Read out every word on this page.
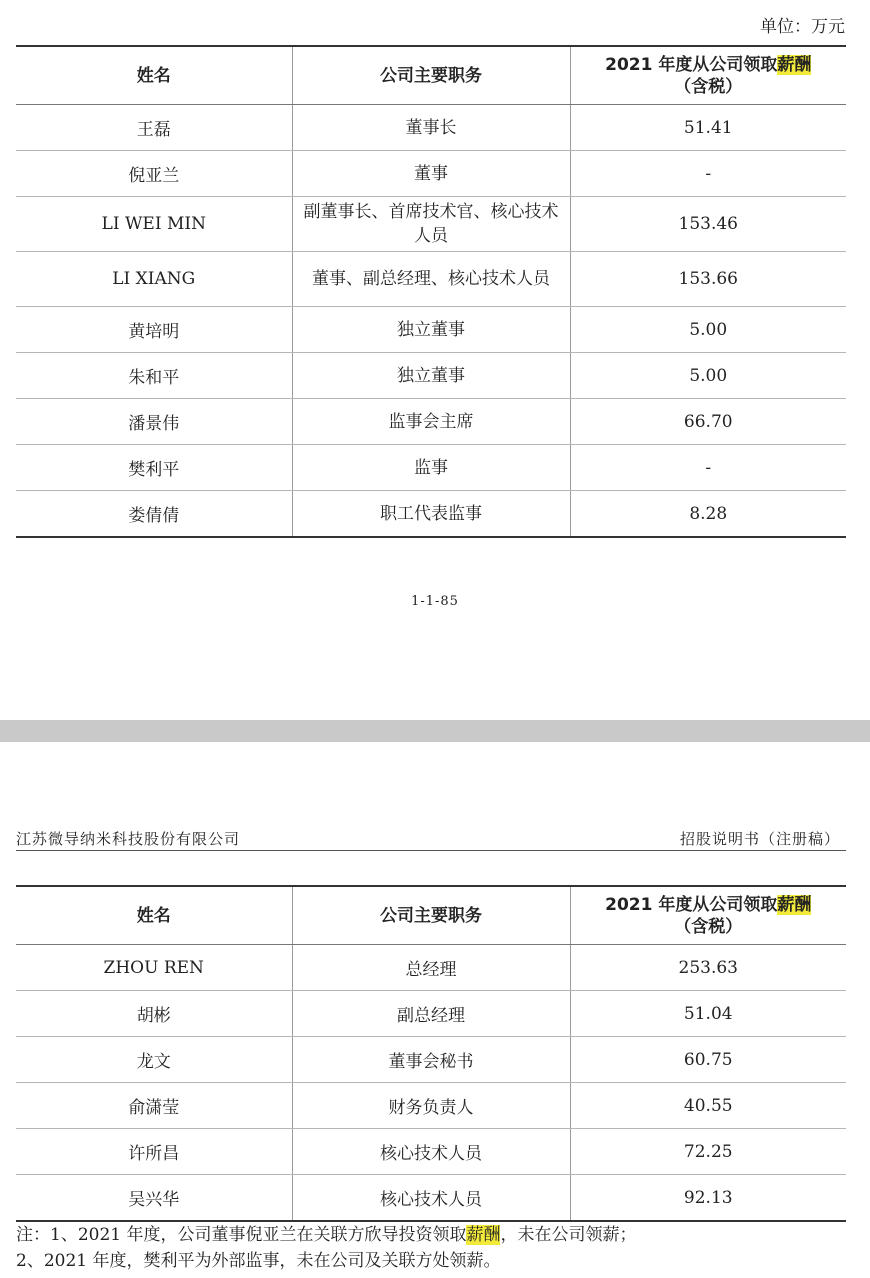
单位：万元
姓名	公司主要职务	2021 年度从公司领取薪酬
（含税）
王磊	董事长	51.41
倪亚兰	董事	-
LI WEI MIN	副董事长、首席技术官、核心技术人员	153.46
LI XIANG	董事、副总经理、核心技术人员	153.66
黄培明	独立董事	5.00
朱和平	独立董事	5.00
潘景伟	监事会主席	66.70
樊利平	监事	-
娄倩倩	职工代表监事	8.28
1-1-85
江苏微导纳米科技股份有限公司	招股说明书（注册稿）
姓名	公司主要职务	2021 年度从公司领取薪酬
（含税）
ZHOU REN	总经理	253.63
胡彬	副总经理	51.04
龙文	董事会秘书	60.75
俞潇莹	财务负责人	40.55
许所昌	核心技术人员	72.25
吴兴华	核心技术人员	92.13
注：1、2021 年度，公司董事倪亚兰在关联方欣导投资领取薪酬，未在公司领薪；
2、2021 年度，樊利平为外部监事，未在公司及关联方处领薪。
